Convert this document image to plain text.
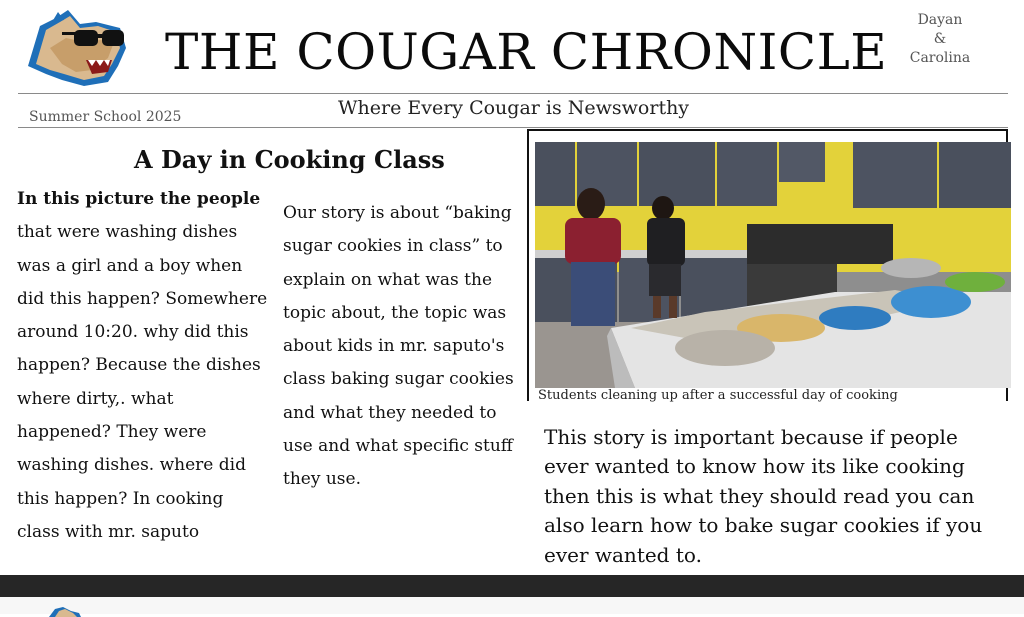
THE COUGAR CHRONICLE
Dayan
&
Carolina
Where Every Cougar is Newsworthy
Summer School 2025
A Day in Cooking Class
In this picture the people that were washing dishes was a girl and a boy when did this happen? Somewhere around 10:20. why did this happen? Because the dishes where dirty,. what happened? They were washing dishes. where did this happen? In cooking class with mr. saputo
Our story is about “baking sugar cookies in class” to explain on what was the topic about, the topic was about kids in mr. saputo's class baking sugar cookies and what they needed to use and what specific stuff they use.
Students cleaning up after a successful day of cooking
This story is important because if people ever wanted to know how its like cooking then this is what they should read you can also learn how to bake sugar cookies if you ever wanted to.
